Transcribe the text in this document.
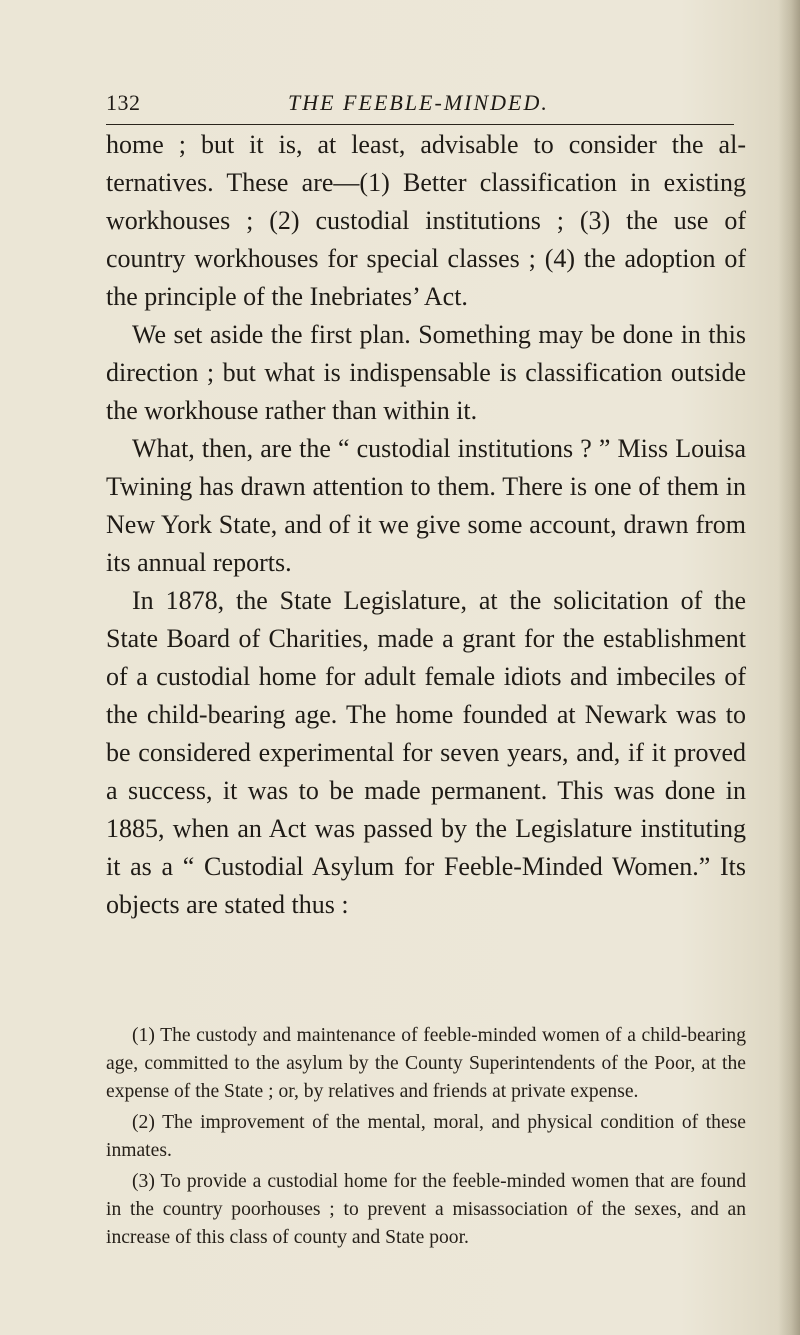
132	THE FEEBLE-MINDED.

home ; but it is, at least, advisable to consider the alternatives. These are—(1) Better classification in existing workhouses ; (2) custodial institutions ; (3) the use of country workhouses for special classes ; (4) the adoption of the principle of the Inebriates’ Act.

We set aside the first plan. Something may be done in this direction ; but what is indispensable is classification outside the workhouse rather than within it.

What, then, are the “ custodial institutions ? ” Miss Louisa Twining has drawn attention to them. There is one of them in New York State, and of it we give some account, drawn from its annual reports.

In 1878, the State Legislature, at the solicitation of the State Board of Charities, made a grant for the establishment of a custodial home for adult female idiots and imbeciles of the child-bearing age. The home founded at Newark was to be considered experimental for seven years, and, if it proved a success, it was to be made permanent. This was done in 1885, when an Act was passed by the Legislature instituting it as a “ Custodial Asylum for Feeble-Minded Women.” Its objects are stated thus :

(1) The custody and maintenance of feeble-minded women of a child-bearing age, committed to the asylum by the County Superintendents of the Poor, at the expense of the State ; or, by relatives and friends at private expense.

(2) The improvement of the mental, moral, and physical condition of these inmates.

(3) To provide a custodial home for the feeble-minded women that are found in the country poorhouses ; to prevent a misassociation of the sexes, and an increase of this class of county and State poor.
